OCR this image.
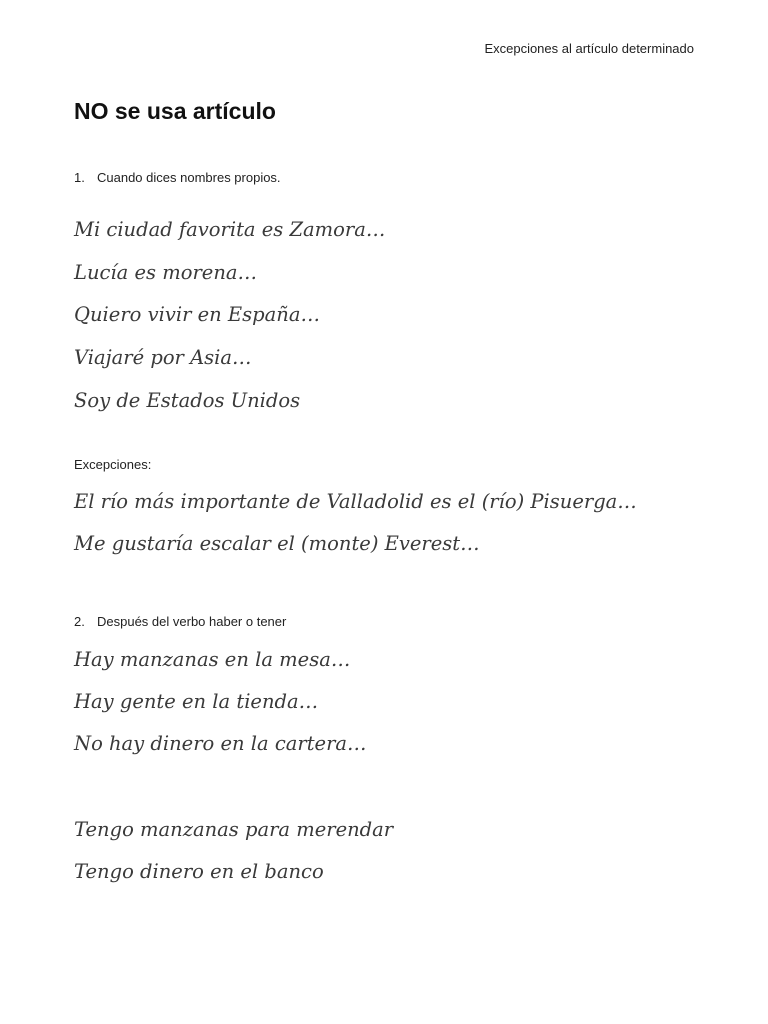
Excepciones al artículo determinado
NO se usa artículo
1. Cuando dices nombres propios.
Mi ciudad favorita es Zamora…
Lucía es morena…
Quiero vivir en España…
Viajaré por Asia…
Soy de Estados Unidos
Excepciones:
El río más importante de Valladolid es el (río) Pisuerga…
Me gustaría escalar el (monte) Everest…
2. Después del verbo haber o tener
Hay manzanas en la mesa…
Hay gente en la tienda…
No hay dinero en la cartera…
Tengo manzanas para merendar
Tengo dinero en el banco
